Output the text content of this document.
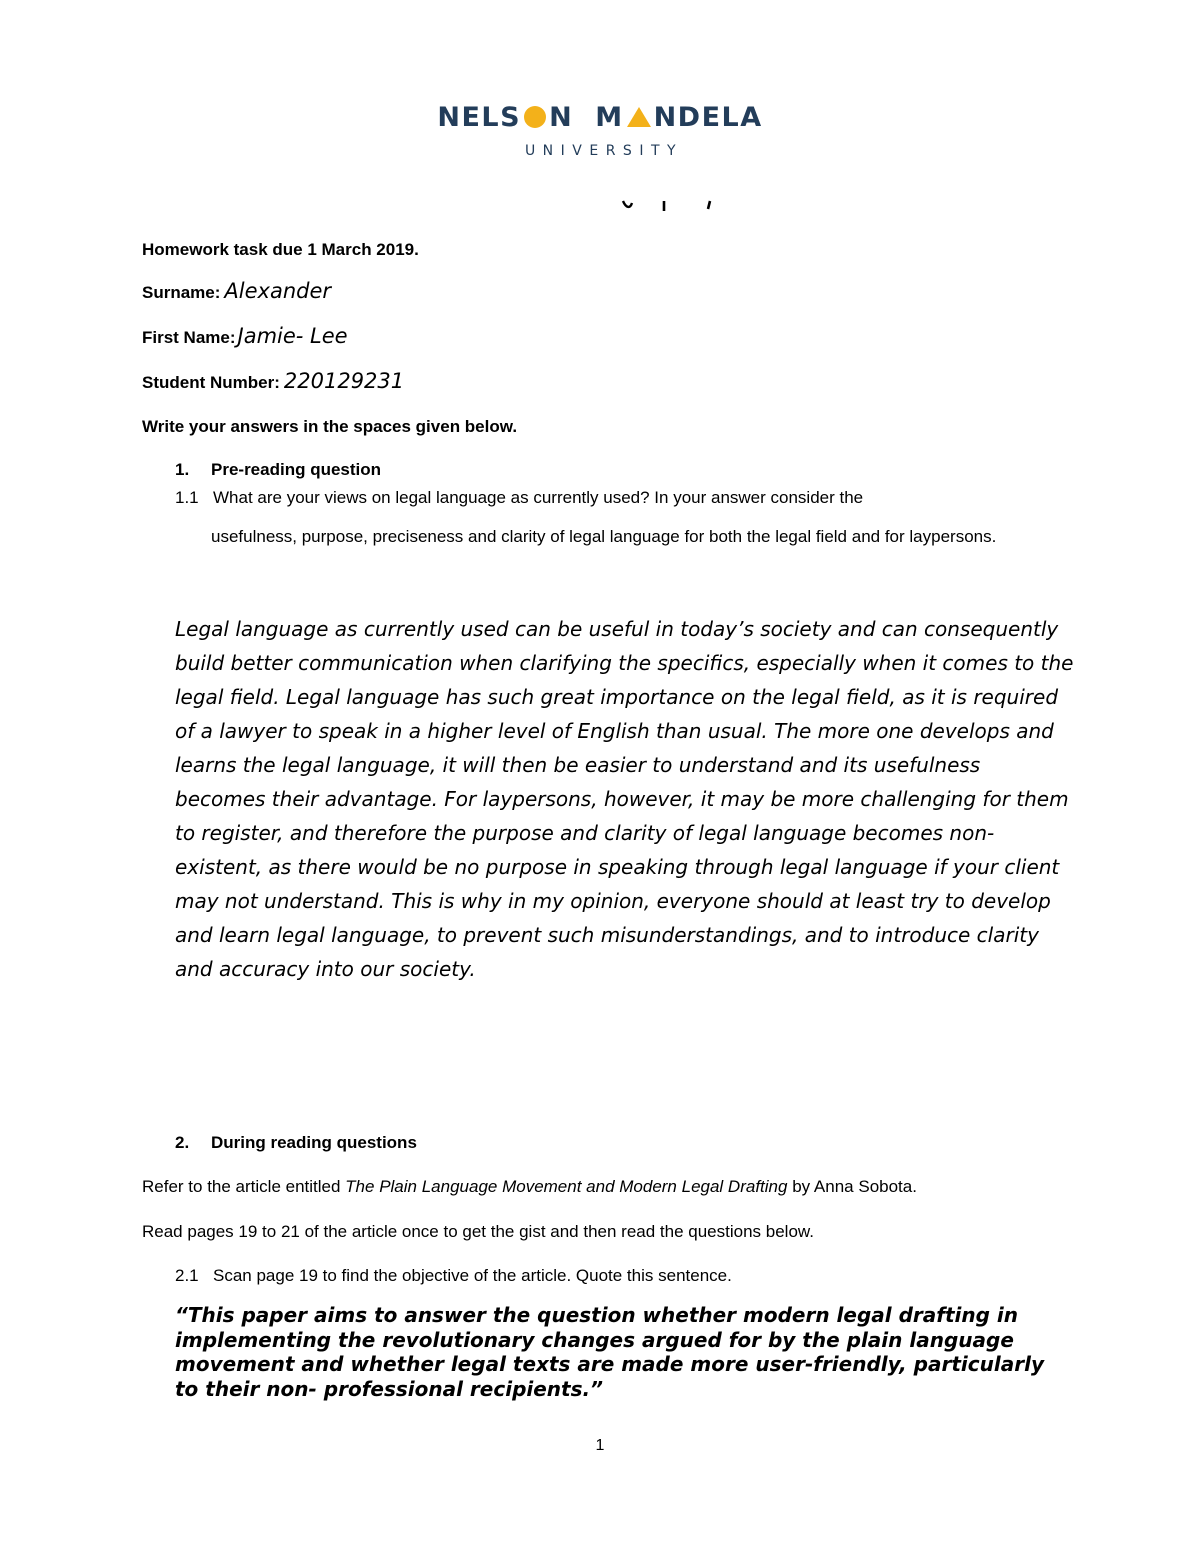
NELS N M NDELA
UNIVERSITY
Homework task due 1 March 2019.
Surname: Alexander
First Name:Jamie- Lee
Student Number: 220129231
Write your answers in the spaces given below.
1. Pre-reading question
1.1 What are your views on legal language as currently used? In your answer consider the
usefulness, purpose, preciseness and clarity of legal language for both the legal field and for laypersons.

Legal language as currently used can be useful in today’s society and can consequently build better communication when clarifying the specifics, especially when it comes to the legal field. Legal language has such great importance on the legal field, as it is required of a lawyer to speak in a higher level of English than usual. The more one develops and learns the legal language, it will then be easier to understand and its usefulness becomes their advantage. For laypersons, however, it may be more challenging for them to register, and therefore the purpose and clarity of legal language becomes non-existent, as there would be no purpose in speaking through legal language if your client may not understand. This is why in my opinion, everyone should at least try to develop and learn legal language, to prevent such misunderstandings, and to introduce clarity and accuracy into our society.

2. During reading questions
Refer to the article entitled The Plain Language Movement and Modern Legal Drafting by Anna Sobota.
Read pages 19 to 21 of the article once to get the gist and then read the questions below.
2.1 Scan page 19 to find the objective of the article. Quote this sentence.

“This paper aims to answer the question whether modern legal drafting in implementing the revolutionary changes argued for by the plain language movement and whether legal texts are made more user-friendly, particularly to their non- professional recipients.”

1
